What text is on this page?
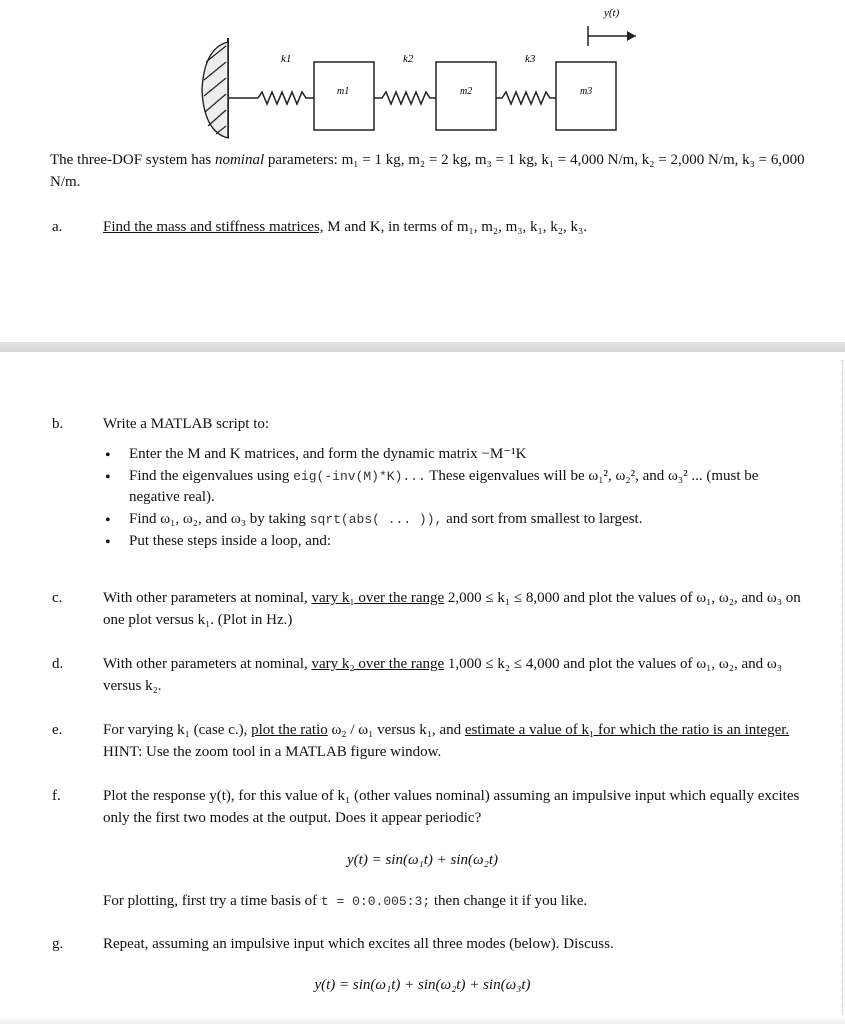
k1
m1
k2
m2
k3
m3
y(t)

The three-DOF system has nominal parameters: m₁ = 1 kg, m₂ = 2 kg, m₃ = 1 kg, k₁ = 4,000 N/m, k₂ = 2,000 N/m, k₃ = 6,000 N/m.

a.	Find the mass and stiffness matrices, M and K, in terms of m₁, m₂, m₃, k₁, k₂, k₃.

b.	Write a MATLAB script to:
• Enter the M and K matrices, and form the dynamic matrix −M⁻¹K
• Find the eigenvalues using eig(-inv(M)*K)... These eigenvalues will be ω₁², ω₂², and ω₃² ... (must be negative real).
• Find ω₁, ω₂, and ω₃ by taking sqrt(abs( ... )), and sort from smallest to largest.
• Put these steps inside a loop, and:
c.	With other parameters at nominal, vary k₁ over the range 2,000 ≤ k₁ ≤ 8,000 and plot the values of ω₁, ω₂, and ω₃ on one plot versus k₁. (Plot in Hz.)

d.	With other parameters at nominal, vary k₂ over the range 1,000 ≤ k₂ ≤ 4,000 and plot the values of ω₁, ω₂, and ω₃ versus k₂.

e.	For varying k₁ (case c.), plot the ratio ω₂ / ω₁ versus k₁, and estimate a value of k₁ for which the ratio is an integer. HINT: Use the zoom tool in a MATLAB figure window.

f.	Plot the response y(t), for this value of k₁ (other values nominal) assuming an impulsive input which equally excites only the first two modes at the output. Does it appear periodic?

y(t) = sin(ω₁t) + sin(ω₂t)

For plotting, first try a time basis of t = 0:0.005:3; then change it if you like.

g.	Repeat, assuming an impulsive input which excites all three modes (below). Discuss.

y(t) = sin(ω₁t) + sin(ω₂t) + sin(ω₃t)
